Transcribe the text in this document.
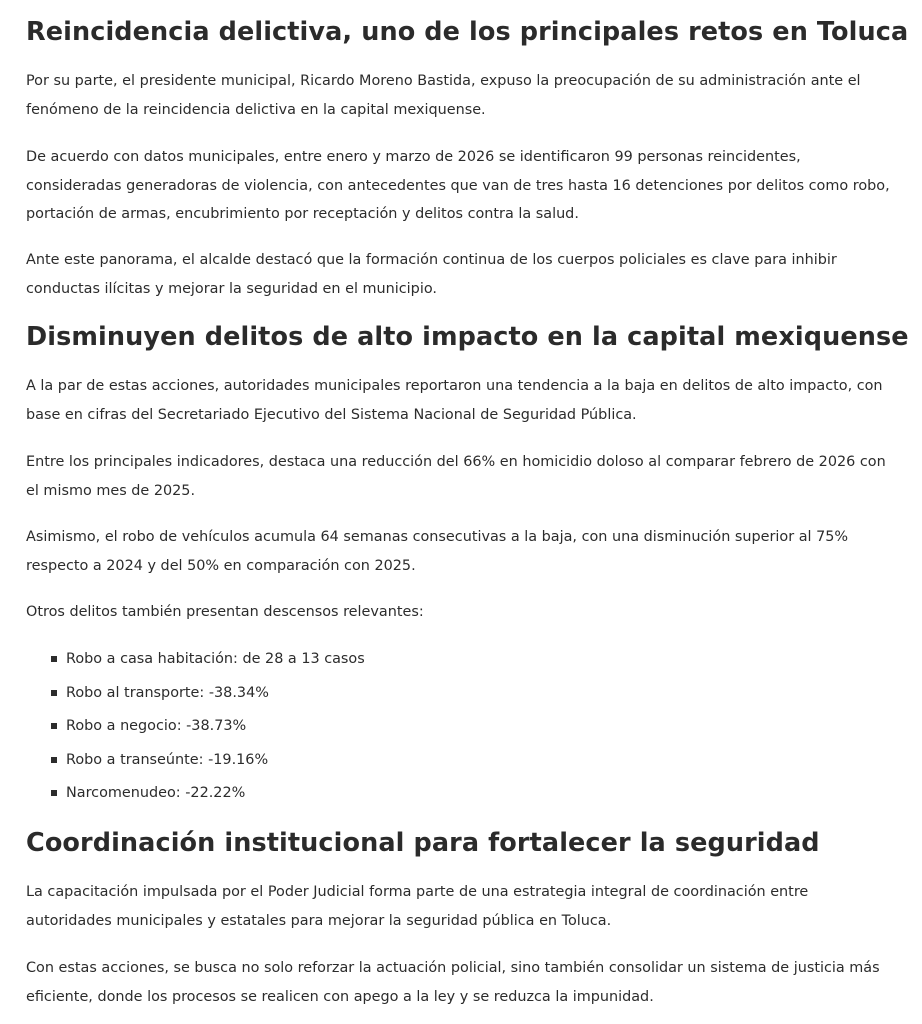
Reincidencia delictiva, uno de los principales retos en Toluca

Por su parte, el presidente municipal, Ricardo Moreno Bastida, expuso la preocupación de su administración ante el fenómeno de la reincidencia delictiva en la capital mexiquense.

De acuerdo con datos municipales, entre enero y marzo de 2026 se identificaron 99 personas reincidentes, consideradas generadoras de violencia, con antecedentes que van de tres hasta 16 detenciones por delitos como robo, portación de armas, encubrimiento por receptación y delitos contra la salud.

Ante este panorama, el alcalde destacó que la formación continua de los cuerpos policiales es clave para inhibir conductas ilícitas y mejorar la seguridad en el municipio.

Disminuyen delitos de alto impacto en la capital mexiquense

A la par de estas acciones, autoridades municipales reportaron una tendencia a la baja en delitos de alto impacto, con base en cifras del Secretariado Ejecutivo del Sistema Nacional de Seguridad Pública.

Entre los principales indicadores, destaca una reducción del 66% en homicidio doloso al comparar febrero de 2026 con el mismo mes de 2025.

Asimismo, el robo de vehículos acumula 64 semanas consecutivas a la baja, con una disminución superior al 75% respecto a 2024 y del 50% en comparación con 2025.

Otros delitos también presentan descensos relevantes:

Robo a casa habitación: de 28 a 13 casos
Robo al transporte: -38.34%
Robo a negocio: -38.73%
Robo a transeúnte: -19.16%
Narcomenudeo: -22.22%
Coordinación institucional para fortalecer la seguridad

La capacitación impulsada por el Poder Judicial forma parte de una estrategia integral de coordinación entre autoridades municipales y estatales para mejorar la seguridad pública en Toluca.

Con estas acciones, se busca no solo reforzar la actuación policial, sino también consolidar un sistema de justicia más eficiente, donde los procesos se realicen con apego a la ley y se reduzca la impunidad.
